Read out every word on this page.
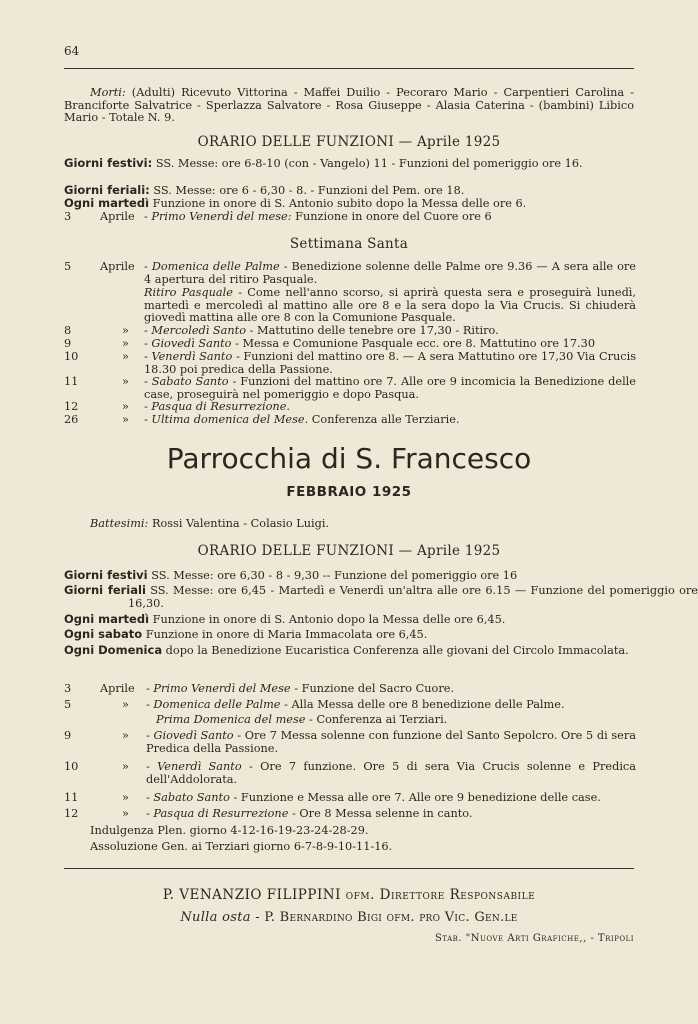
64
Morti: (Adulti) Ricevuto Vittorina - Maffei Duilio - Pecoraro Mario - Carpentieri Carolina - Branciforte Salvatrice - Sperlazza Salvatore - Rosa Giuseppe - Alasia Caterina - (bambini) Libico Mario - Totale N. 9.
ORARIO DELLE FUNZIONI — Aprile 1925
Giorni festivi: SS. Messe: ore 6-8-10 (con - Vangelo) 11 - Funzioni del pomeriggio ore 16.
Giorni feriali: SS. Messe: ore 6 - 6,30 - 8. - Funzioni del Pem. ore 18.
Ogni martedì Funzione in onore di S. Antonio subito dopo la Messa delle ore 6.
3	Aprile - Primo Venerdì del mese: Funzione in onore del Cuore ore 6
Settimana Santa
5	Aprile - Domenica delle Palme - Benedizione solenne delle Palme ore 9.36 — A sera alle ore 4 apertura del ritiro Pasquale.
Ritiro Pasquale - Come nell'anno scorso, si aprirà questa sera e proseguirà lunedì, martedì e mercoledì al mattino alle ore 8 e la sera dopo la Via Crucis. Si chiuderà giovedì mattina alle ore 8 con la Comunione Pasquale.
8	»	- Mercoledì Santo - Mattutino delle tenebre ore 17,30 - Ritiro.
9	»	- Giovedì Santo - Messa e Comunione Pasquale ecc. ore 8. Mattutino ore 17.30
10	»	- Venerdì Santo - Funzioni del mattino ore 8. — A sera Mattutino ore 17,30 Via Crucis 18.30 poi predica della Passione.
11	»	- Sabato Santo - Funzioni del mattino ore 7. Alle ore 9 incomicia la Benedizione delle case, proseguirà nel pomeriggio e dopo Pasqua.
12	»	- Pasqua di Resurrezione.
26	»	- Ultima domenica del Mese. Conferenza alle Terziarie.
Parrocchia di S. Francesco
FEBBRAIO 1925
Battesimi: Rossi Valentina - Colasio Luigi.
ORARIO DELLE FUNZIONI — Aprile 1925
Giorni festivi SS. Messe: ore 6,30 - 8 - 9,30 -- Funzione del pomeriggio ore 16
Giorni feriali SS. Messe: ore 6,45 - Martedì e Venerdì un'altra alle ore 6.15 — Funzione del pomeriggio ore 16,30.
Ogni martedì Funzione in onore di S. Antonio dopo la Messa delle ore 6,45.
Ogni sabato Funzione in onore di Maria Immacolata ore 6,45.
Ogni Domenica dopo la Benedizione Eucaristica Conferenza alle giovani del Circolo Immacolata.
3	Aprile - Primo Venerdì del Mese - Funzione del Sacro Cuore.
5	»	- Domenica delle Palme - Alla Messa delle ore 8 benedizione delle Palme.
Prima Domenica del mese - Conferenza ai Terziari.
9	»	- Giovedì Santo - Ore 7 Messa solenne con funzione del Santo Sepolcro. Ore 5 di sera Predica della Passione.
10	»	- Venerdì Santo - Ore 7 funzione. Ore 5 di sera Via Crucis solenne e Predica dell'Addolorata.
11	»	- Sabato Santo - Funzione e Messa alle ore 7. Alle ore 9 benedizione delle case.
12	»	- Pasqua di Resurrezione - Ore 8 Messa selenne in canto.
Indulgenza Plen. giorno 4-12-16-19-23-24-28-29.
Assoluzione Gen. ai Terziari giorno 6-7-8-9-10-11-16.
P. VENANZIO FILIPPINI ofm. Direttore Responsabile
Nulla osta - P. Bernardino Bigi ofm. pro Vic. Gen.le
Stab. "Nuove Arti Grafiche,, - Tripoli
